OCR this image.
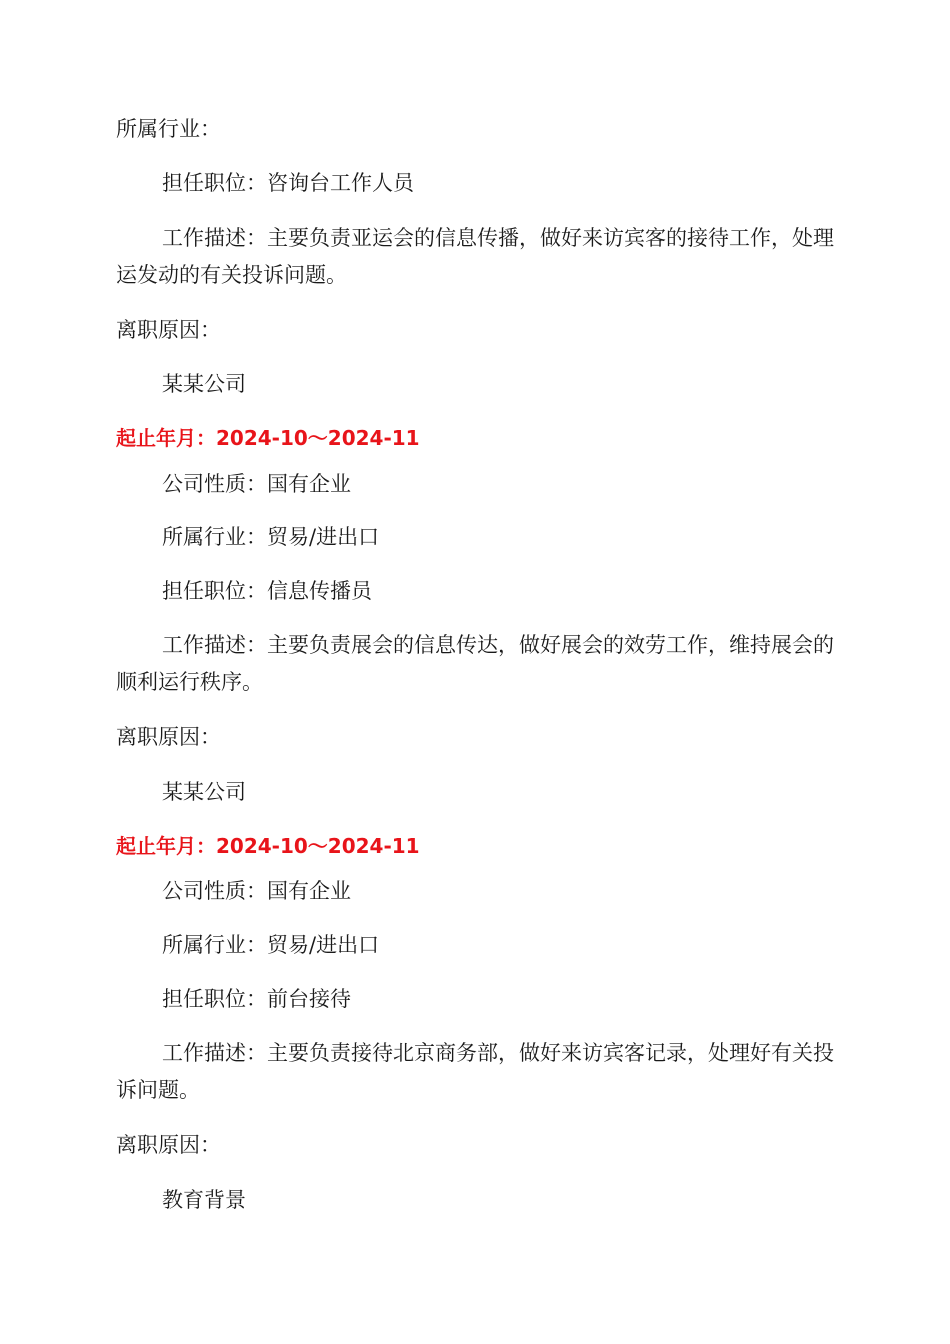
所属行业：
担任职位：咨询台工作人员
工作描述：主要负责亚运会的信息传播，做好来访宾客的接待工作，处理运发动的有关投诉问题。
离职原因：
某某公司
起止年月：2024-10～2024-11
公司性质：国有企业
所属行业：贸易/进出口
担任职位：信息传播员
工作描述：主要负责展会的信息传达，做好展会的效劳工作，维持展会的顺利运行秩序。
离职原因：
某某公司
起止年月：2024-10～2024-11
公司性质：国有企业
所属行业：贸易/进出口
担任职位：前台接待
工作描述：主要负责接待北京商务部，做好来访宾客记录，处理好有关投诉问题。
离职原因：
教育背景
